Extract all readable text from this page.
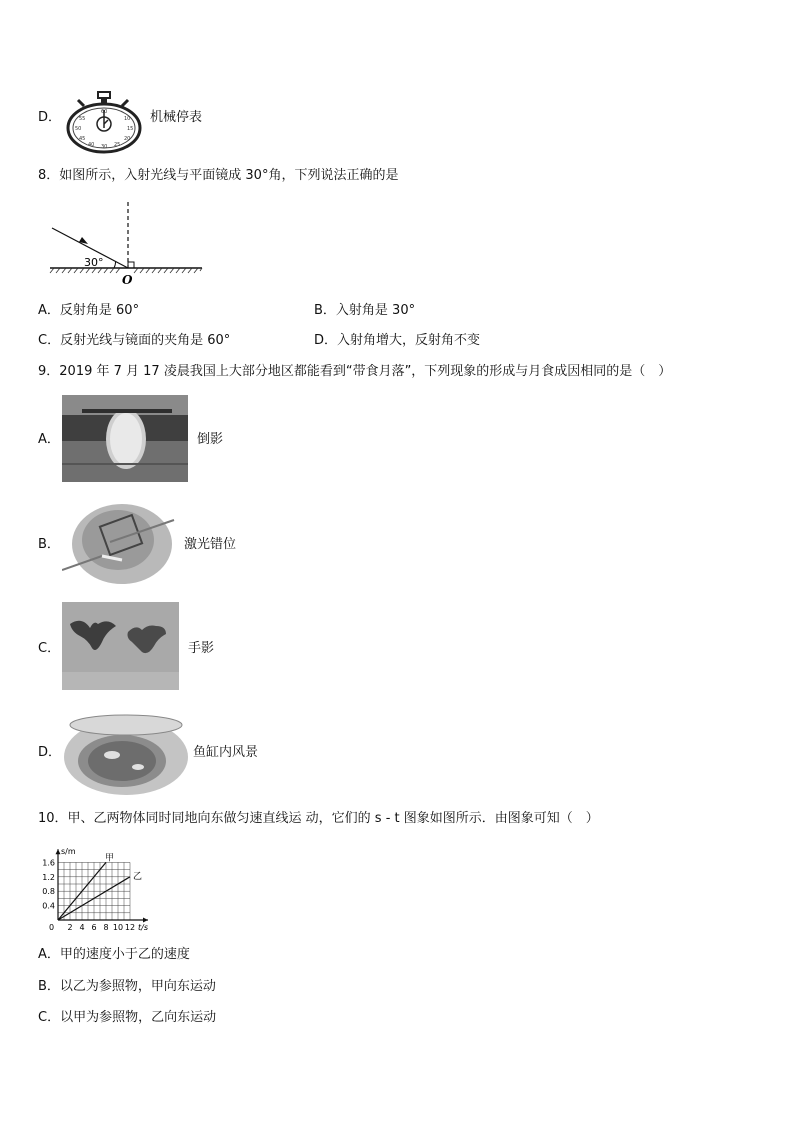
D．	55	10
50	15
45	20
40	25
30
60	机械停表
8．如图所示，入射光线与平面镜成 30°角，下列说法正确的是
30°
O
A．反射角是 60°	B．入射角是 30°
C．反射光线与镜面的夹角是 60°	D．入射角增大，反射角不变
9．2019 年 7 月 17 凌晨我国上大部分地区都能看到“带食月落”，下列现象的形成与月食成因相同的是（　）
A．	倒影
B．	激光错位
C．	手影
D．	鱼缸内风景
10．甲、乙两物体同时同地向东做匀速直线运 动，它们的 s - t 图象如图所示．由图象可知（　）
甲
乙
s/m
t/s
0 2 4 6 8 10 12
0.4
0.8
1.2
1.6
A．甲的速度小于乙的速度
B．以乙为参照物，甲向东运动
C．以甲为参照物，乙向东运动
